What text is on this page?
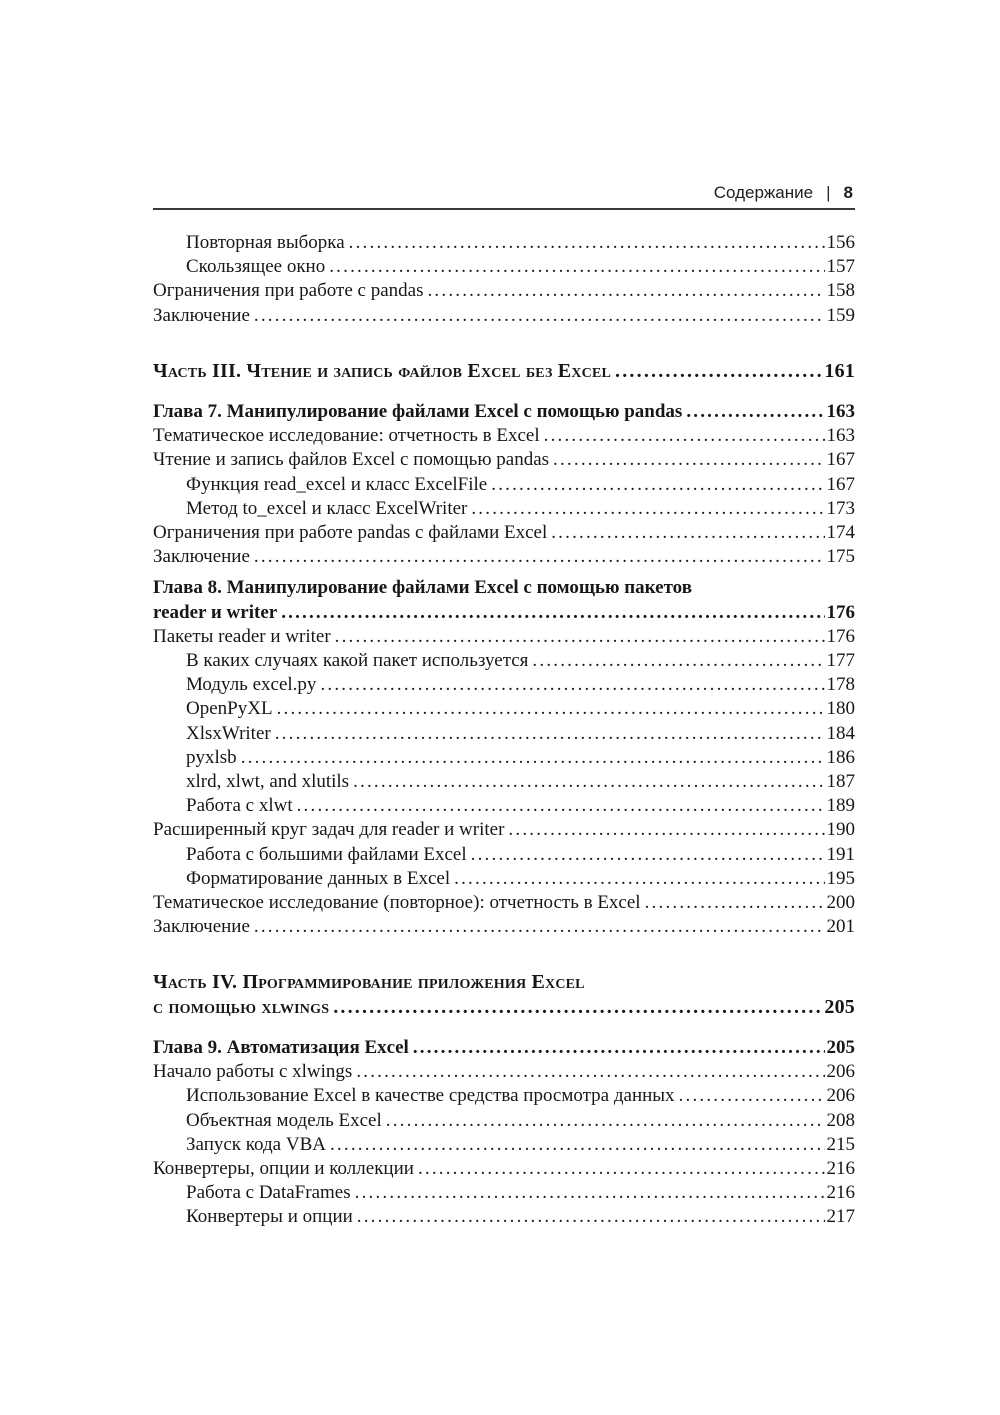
Содержание | 8
Повторная выборка .....	156
Скользящее окно .....	157
Ограничения при работе с pandas .....	158
Заключение .....	159
Часть III. Чтение и запись файлов Excel без Excel .....	161
Глава 7. Манипулирование файлами Excel с помощью pandas .....	163
Тематическое исследование: отчетность в Excel .....	163
Чтение и запись файлов Excel с помощью pandas .....	167
Функция read_excel и класс ExcelFile .....	167
Метод to_excel и класс ExcelWriter .....	173
Ограничения при работе pandas с файлами Excel .....	174
Заключение .....	175
Глава 8. Манипулирование файлами Excel с помощью пакетов
reader и writer .....	176
Пакеты reader и writer .....	176
В каких случаях какой пакет используется .....	177
Модуль excel.py .....	178
OpenPyXL .....	180
XlsxWriter .....	184
pyxlsb .....	186
xlrd, xlwt, and xlutils .....	187
Работа с xlwt .....	189
Расширенный круг задач для reader и writer .....	190
Работа с большими файлами Excel .....	191
Форматирование данных в Excel .....	195
Тематическое исследование (повторное): отчетность в Excel .....	200
Заключение .....	201
Часть IV. Программирование приложения Excel
с помощью xlwings .....	205
Глава 9. Автоматизация Excel .....	205
Начало работы с xlwings .....	206
Использование Excel в качестве средства просмотра данных .....	206
Объектная модель Excel .....	208
Запуск кода VBA .....	215
Конвертеры, опции и коллекции .....	216
Работа с DataFrames .....	216
Конвертеры и опции .....	217
